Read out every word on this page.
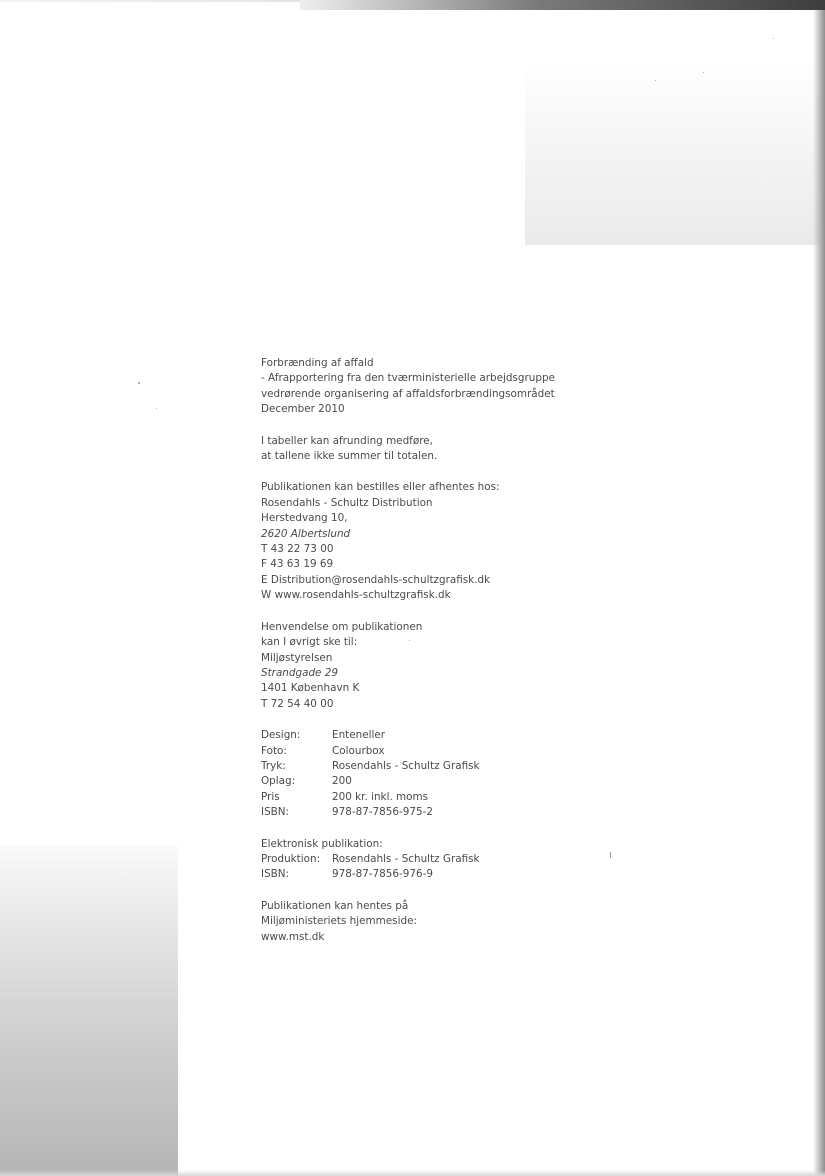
Forbrænding af affald
- Afrapportering fra den tværministerielle arbejdsgruppe
vedrørende organisering af affaldsforbrændingsområdet
December 2010
I tabeller kan afrunding medføre,
at tallene ikke summer til totalen.
Publikationen kan bestilles eller afhentes hos:
Rosendahls - Schultz Distribution
Herstedvang 10,
2620 Albertslund
T 43 22 73 00
F 43 63 19 69
E Distribution@rosendahls-schultzgrafisk.dk
W www.rosendahls-schultzgrafisk.dk
Henvendelse om publikationen
kan I øvrigt ske til:
Miljøstyrelsen
Strandgade 29
1401 København K
T 72 54 40 00
Design:	Enteneller
Foto:	Colourbox
Tryk:	Rosendahls - Schultz Grafisk
Oplag:	200
Pris	200 kr. inkl. moms
ISBN:	978-87-7856-975-2
Elektronisk publikation:
Produktion:	Rosendahls - Schultz Grafisk
ISBN:	978-87-7856-976-9
Publikationen kan hentes på
Miljøministeriets hjemmeside:
www.mst.dk
